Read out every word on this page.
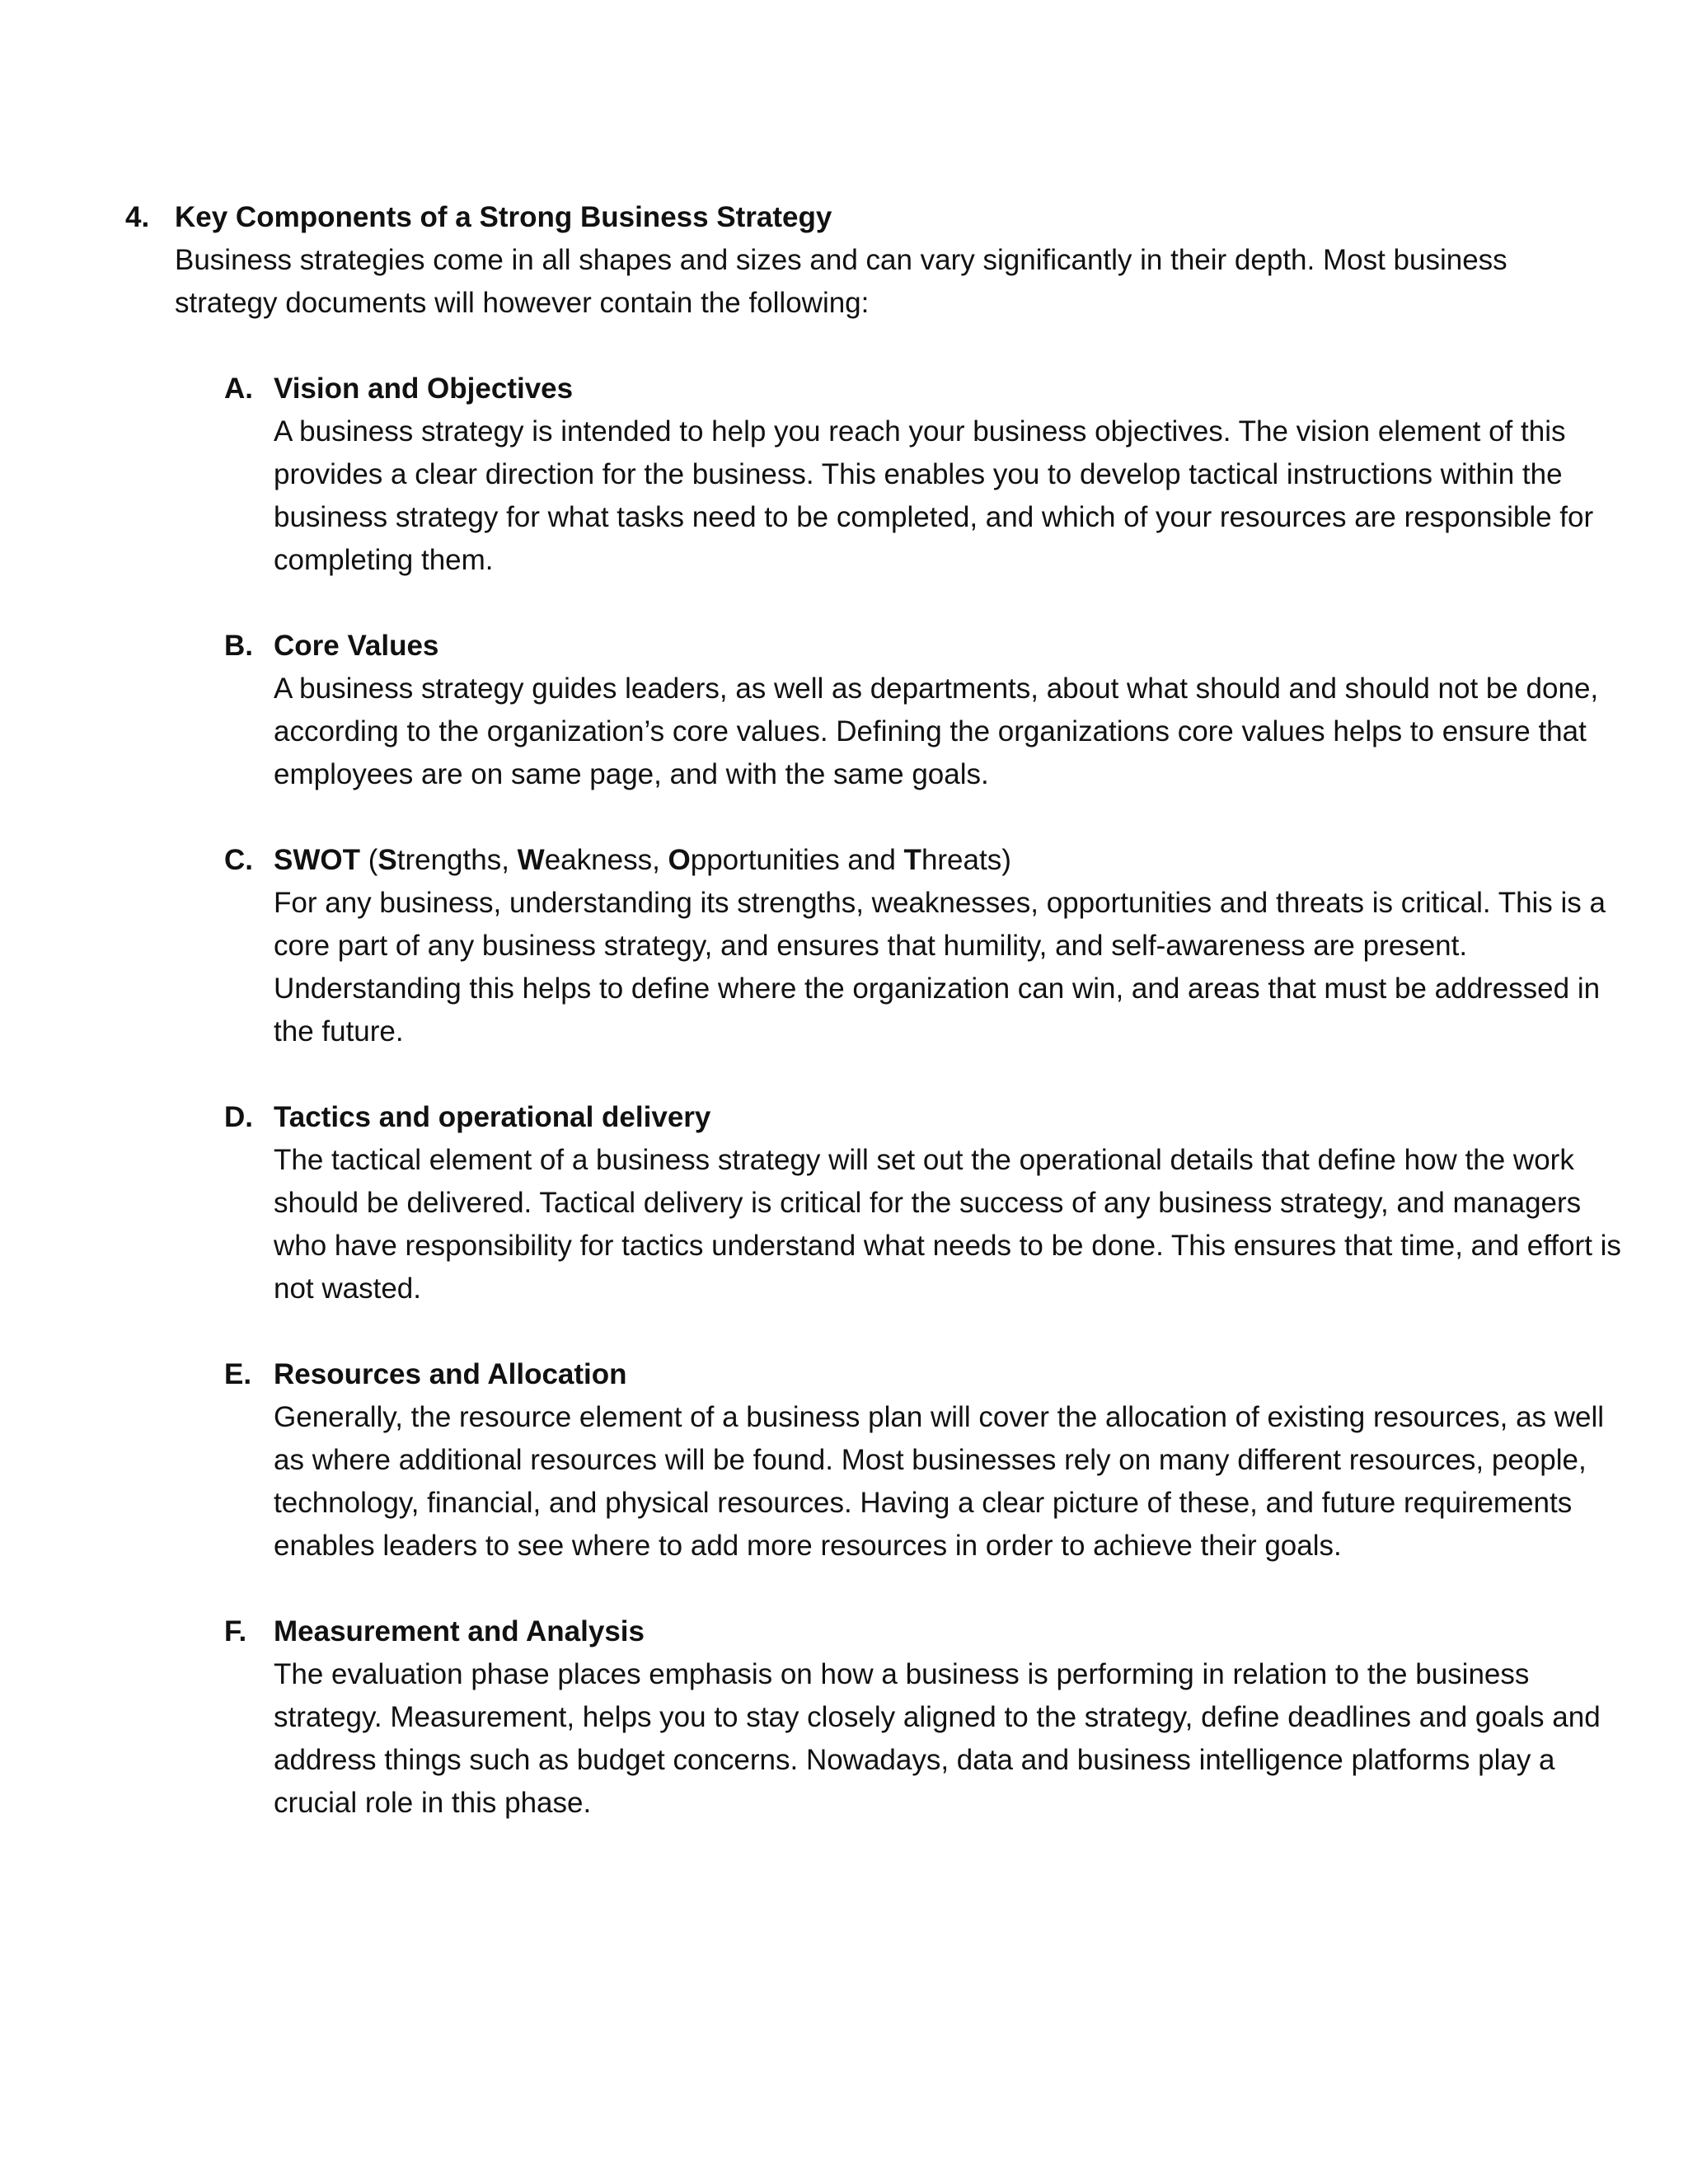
4. Key Components of a Strong Business Strategy
Business strategies come in all shapes and sizes and can vary significantly in their depth. Most business strategy documents will however contain the following:
A. Vision and Objectives
A business strategy is intended to help you reach your business objectives. The vision element of this provides a clear direction for the business. This enables you to develop tactical instructions within the business strategy for what tasks need to be completed, and which of your resources are responsible for completing them.
B. Core Values
A business strategy guides leaders, as well as departments, about what should and should not be done, according to the organization’s core values. Defining the organizations core values helps to ensure that employees are on same page, and with the same goals.
C. SWOT (Strengths, Weakness, Opportunities and Threats)
For any business, understanding its strengths, weaknesses, opportunities and threats is critical. This is a core part of any business strategy, and ensures that humility, and self-awareness are present. Understanding this helps to define where the organization can win, and areas that must be addressed in the future.
D. Tactics and operational delivery
The tactical element of a business strategy will set out the operational details that define how the work should be delivered. Tactical delivery is critical for the success of any business strategy, and managers who have responsibility for tactics understand what needs to be done. This ensures that time, and effort is not wasted.
E. Resources and Allocation
Generally, the resource element of a business plan will cover the allocation of existing resources, as well as where additional resources will be found. Most businesses rely on many different resources, people, technology, financial, and physical resources. Having a clear picture of these, and future requirements enables leaders to see where to add more resources in order to achieve their goals.
F. Measurement and Analysis
The evaluation phase places emphasis on how a business is performing in relation to the business strategy. Measurement, helps you to stay closely aligned to the strategy, define deadlines and goals and address things such as budget concerns. Nowadays, data and business intelligence platforms play a crucial role in this phase.
